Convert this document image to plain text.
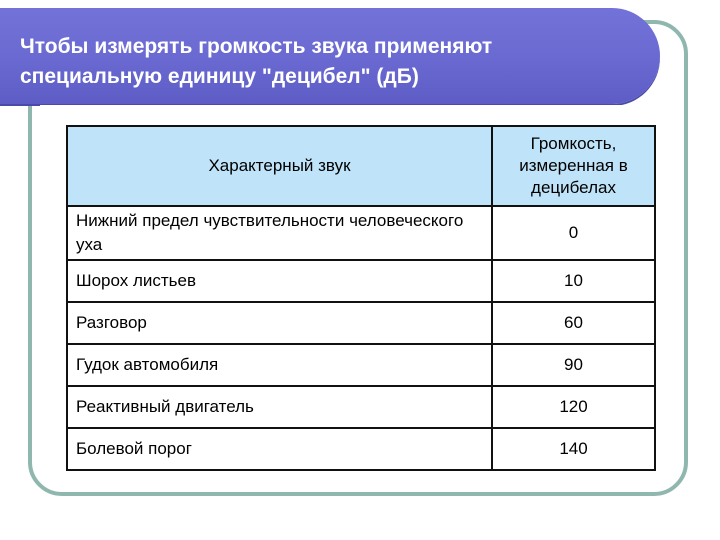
Чтобы измерять громкость звука применяют
специальную единицу "децибел" (дБ)

Характерный звук	Громкость, измеренная в децибелах
Нижний предел чувствительности человеческого уха	0
Шорох листьев	10
Разговор	60
Гудок автомобиля	90
Реактивный двигатель	120
Болевой порог	140
